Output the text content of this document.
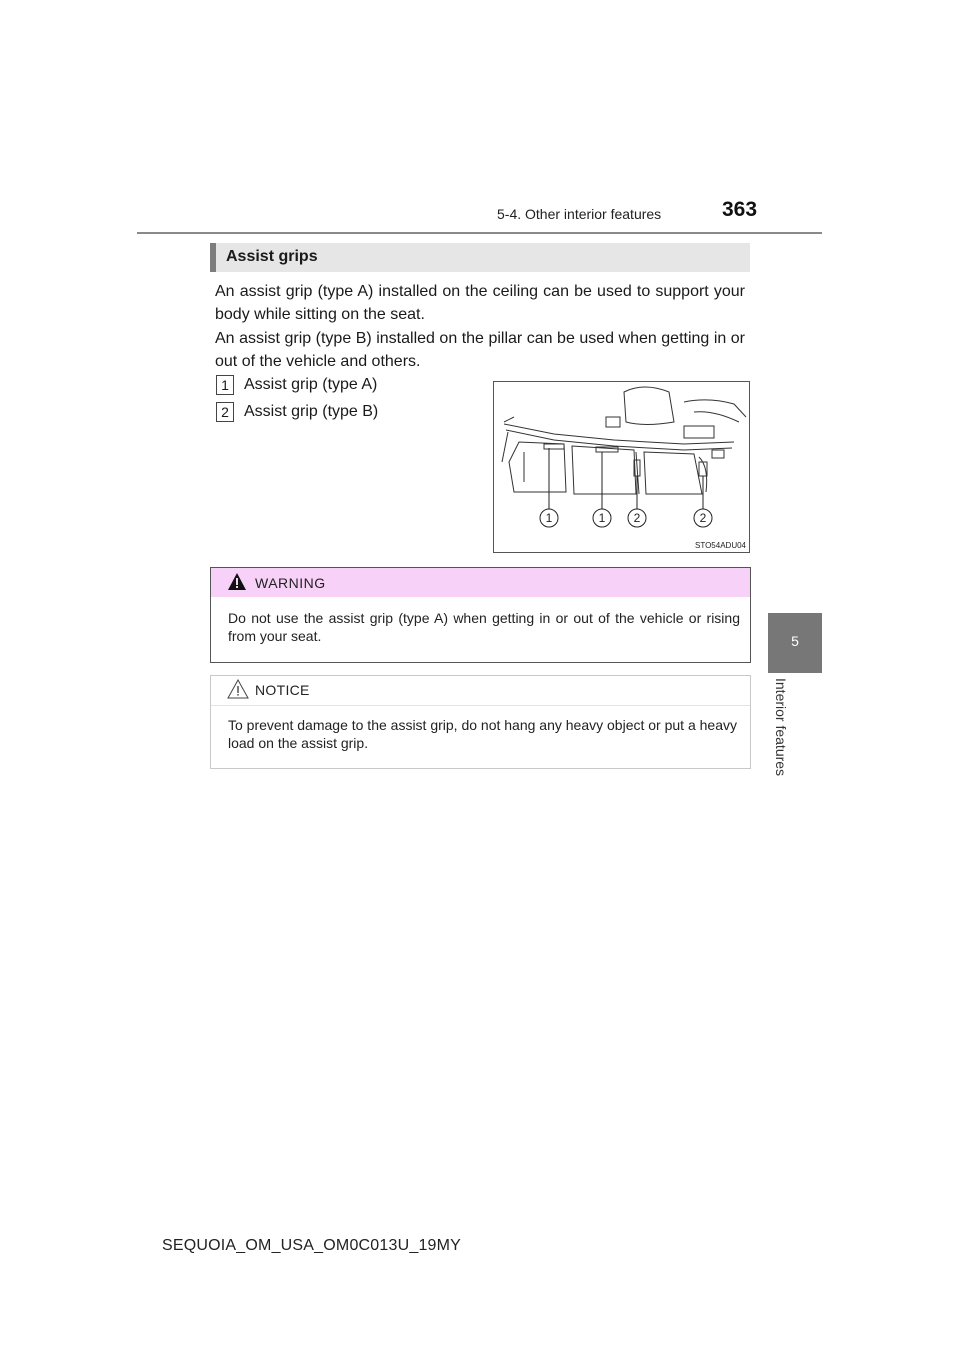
5-4. Other interior features	363
5
Interior features
Assist grips
An assist grip (type A) installed on the ceiling can be used to support your body while sitting on the seat.
An assist grip (type B) installed on the pillar can be used when getting in or out of the vehicle and others.
1 Assist grip (type A)
2 Assist grip (type B)
1	1 2	2
STO54ADU04
WARNING
Do not use the assist grip (type A) when getting in or out of the vehicle or rising from your seat.
NOTICE
To prevent damage to the assist grip, do not hang any heavy object or put a heavy load on the assist grip.
SEQUOIA_OM_USA_OM0C013U_19MY
